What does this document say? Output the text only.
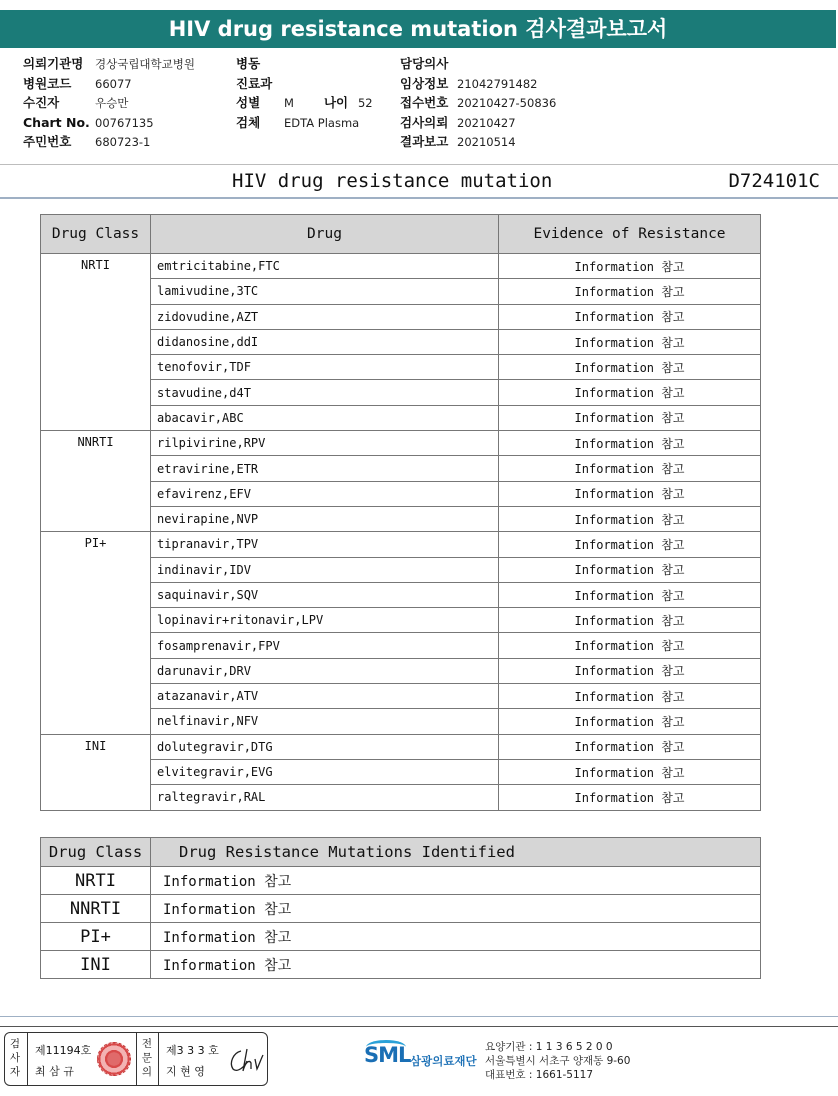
HIV drug resistance mutation 검사결과보고서
의뢰기관명 경상국립대학교병원
병원코드 66077
수진자	우승만
Chart No. 00767135
주민번호 680723-1
병동
진료과
성별 M 나이 52
검체 EDTA Plasma
담당의사
임상정보 21042791482
접수번호 20210427-50836
검사의뢰 20210427
결과보고 20210514
HIV drug resistance mutation	D724101C
Drug Class	Drug	Evidence of Resistance
NRTI	emtricitabine,FTC	Information 참고
	lamivudine,3TC	Information 참고
	zidovudine,AZT	Information 참고
	didanosine,ddI	Information 참고
	tenofovir,TDF	Information 참고
	stavudine,d4T	Information 참고
	abacavir,ABC	Information 참고
NNRTI	rilpivirine,RPV	Information 참고
	etravirine,ETR	Information 참고
	efavirenz,EFV	Information 참고
	nevirapine,NVP	Information 참고
PI+	tipranavir,TPV	Information 참고
	indinavir,IDV	Information 참고
	saquinavir,SQV	Information 참고
	lopinavir+ritonavir,LPV	Information 참고
	fosamprenavir,FPV	Information 참고
	darunavir,DRV	Information 참고
	atazanavir,ATV	Information 참고
	nelfinavir,NFV	Information 참고
INI	dolutegravir,DTG	Information 참고
	elvitegravir,EVG	Information 참고
	raltegravir,RAL	Information 참고
Drug Class	Drug Resistance Mutations Identified
NRTI	Information 참고
NNRTI	Information 참고
PI+	Information 참고
INI	Information 참고
검
사
자
제11194호
최 삼 규
전
문
의
제3 3 3 호
지 현 영
SML 삼광의료재단
요양기관 : 1 1 3 6 5 2 0 0
서울특별시 서초구 양재동 9-60
대표번호 : 1661-5117
